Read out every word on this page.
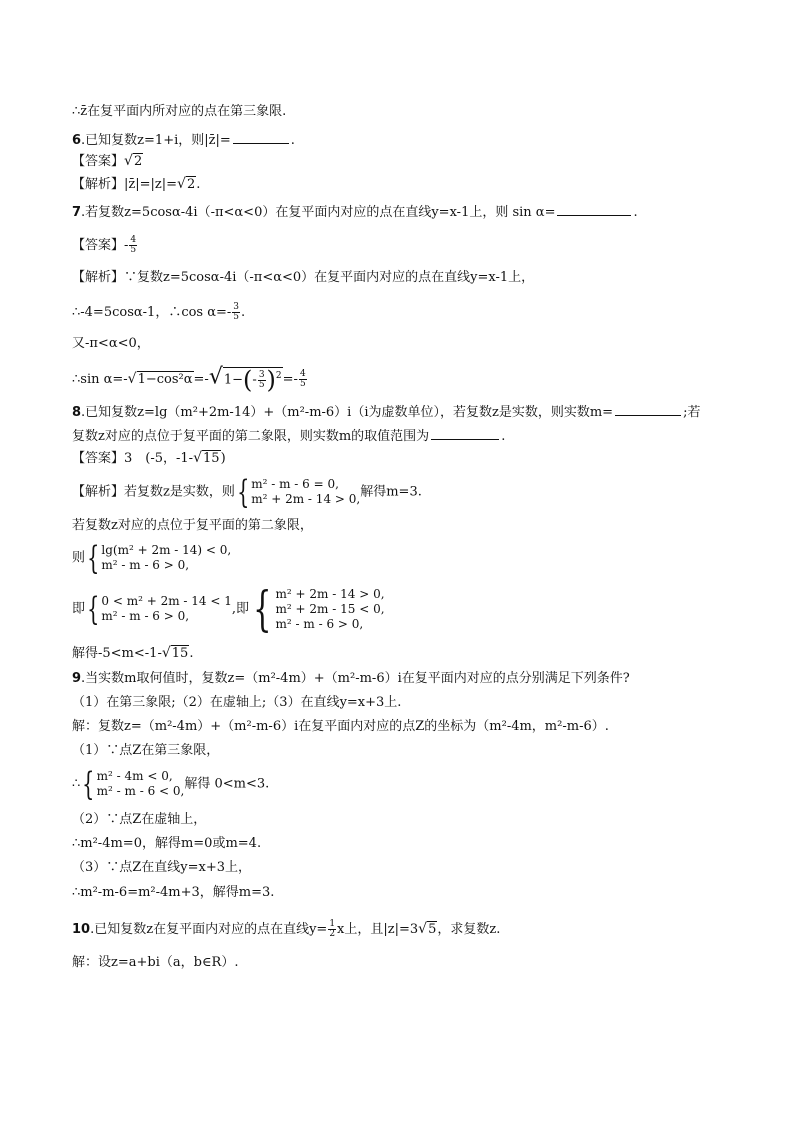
∴z̄在复平面内所对应的点在第三象限.
6.已知复数z=1+i，则|z̄|=	.
【答案】√2
【解析】|z̄|=|z|=√2.
7.若复数z=5cosα-4i（-π<α<0）在复平面内对应的点在直线y=x-1上，则 sin α=	.
【答案】- $\frac{4}{5}$
【解析】∵复数z=5cosα-4i（-π<α<0）在复平面内对应的点在直线y=x-1上，
∴-4=5cosα-1，∴cos $\alpha=- \frac{3}{5}$ .
又-π<α<0，
∴sin $\alpha=-√1-\cos^2\alpha=-√1-(- \frac{3}{5} )^2=- \frac{4}{5}$
8.已知复数z=lg（m²+2m-14）+（m²-m-6）i（i为虚数单位），若复数z是实数，则实数m=	;若
复数z对应的点位于复平面的第二象限，则实数m的取值范围为	.
【答案】3　(-5，-1-√15)
【解析】若复数z是实数，则 { m² - m - 6 = 0,
m² + 2m - 14 > 0, 解得m=3.
若复数z对应的点位于复平面的第二象限，
则 { lg(m² + 2m - 14) < 0,
m² - m - 6 > 0,
即 { 0 < m² + 2m - 14 < 1
m² - m - 6 > 0,	,即 { m² + 2m - 14 > 0,
m² + 2m - 15 < 0,
m² - m - 6 > 0,
解得-5<m<-1-√15.
9.当实数m取何值时，复数z=（m²-4m）+（m²-m-6）i在复平面内对应的点分别满足下列条件?
（1）在第三象限;（2）在虚轴上;（3）在直线y=x+3上.
解：复数z=（m²-4m）+（m²-m-6）i在复平面内对应的点Z的坐标为（m²-4m，m²-m-6）.
（1）∵点Z在第三象限，
∴ { m² - 4m < 0,
m² - m - 6 < 0, 解得 0<m<3.
（2）∵点Z在虚轴上，
∴m²-4m=0，解得m=0或m=4.
（3）∵点Z在直线y=x+3上，
∴m²-m-6=m²-4m+3，解得m=3.
10.已知复数z在复平面内对应的点在直线$y= \frac{1}{2}$ x上，且|z|=3√5，求复数z.
解：设z=a+bi（a，b∈R）.
